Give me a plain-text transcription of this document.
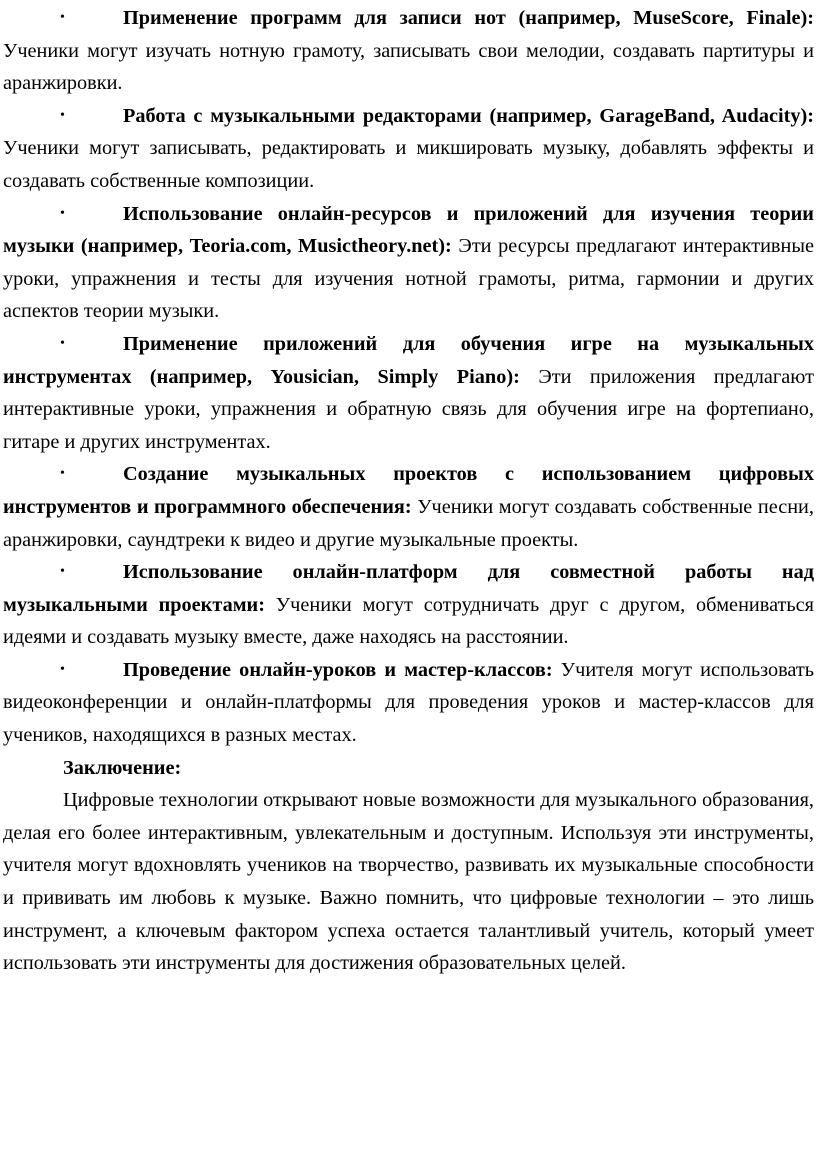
•	Применение программ для записи нот (например, MuseScore, Finale): Ученики могут изучать нотную грамоту, записывать свои мелодии, создавать партитуры и аранжировки.

•	Работа с музыкальными редакторами (например, GarageBand, Audacity): Ученики могут записывать, редактировать и микшировать музыку, добавлять эффекты и создавать собственные композиции.

•	Использование онлайн-ресурсов и приложений для изучения теории музыки (например, Teoria.com, Musictheory.net): Эти ресурсы предлагают интерактивные уроки, упражнения и тесты для изучения нотной грамоты, ритма, гармонии и других аспектов теории музыки.

•	Применение приложений для обучения игре на музыкальных инструментах (например, Yousician, Simply Piano): Эти приложения предлагают интерактивные уроки, упражнения и обратную связь для обучения игре на фортепиано, гитаре и других инструментах.

•	Создание музыкальных проектов с использованием цифровых инструментов и программного обеспечения: Ученики могут создавать собственные песни, аранжировки, саундтреки к видео и другие музыкальные проекты.

•	Использование онлайн-платформ для совместной работы над музыкальными проектами: Ученики могут сотрудничать друг с другом, обмениваться идеями и создавать музыку вместе, даже находясь на расстоянии.

•	Проведение онлайн-уроков и мастер-классов: Учителя могут использовать видеоконференции и онлайн-платформы для проведения уроков и мастер-классов для учеников, находящихся в разных местах.

Заключение:

Цифровые технологии открывают новые возможности для музыкального образования, делая его более интерактивным, увлекательным и доступным. Используя эти инструменты, учителя могут вдохновлять учеников на творчество, развивать их музыкальные способности и прививать им любовь к музыке. Важно помнить, что цифровые технологии – это лишь инструмент, а ключевым фактором успеха остается талантливый учитель, который умеет использовать эти инструменты для достижения образовательных целей.
